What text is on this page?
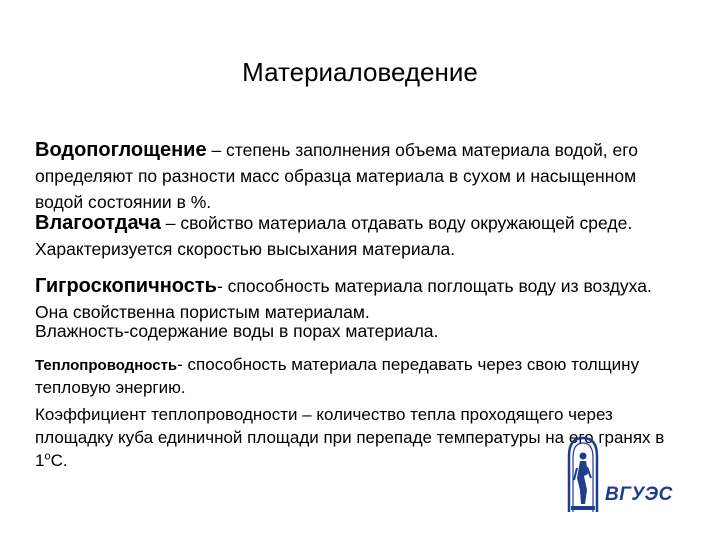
Материаловедение

Водопоглощение – степень заполнения объема материала водой, его определяют по разности масс образца материала в сухом и насыщенном водой состоянии в %.

Влагоотдача – свойство материала отдавать воду окружающей среде. Характеризуется скоростью высыхания материала.

Гигроскопичность- способность материала поглощать воду из воздуха. Она свойственна пористым материалам.

Влажность-содержание воды в порах материала.

Теплопроводность- способность материала передавать через свою толщину тепловую энергию.

Коэффициент теплопроводности – количество тепла проходящего через площадку куба единичной площади при перепаде температуры на его гранях в $1^оС$.

ВГУЭС
